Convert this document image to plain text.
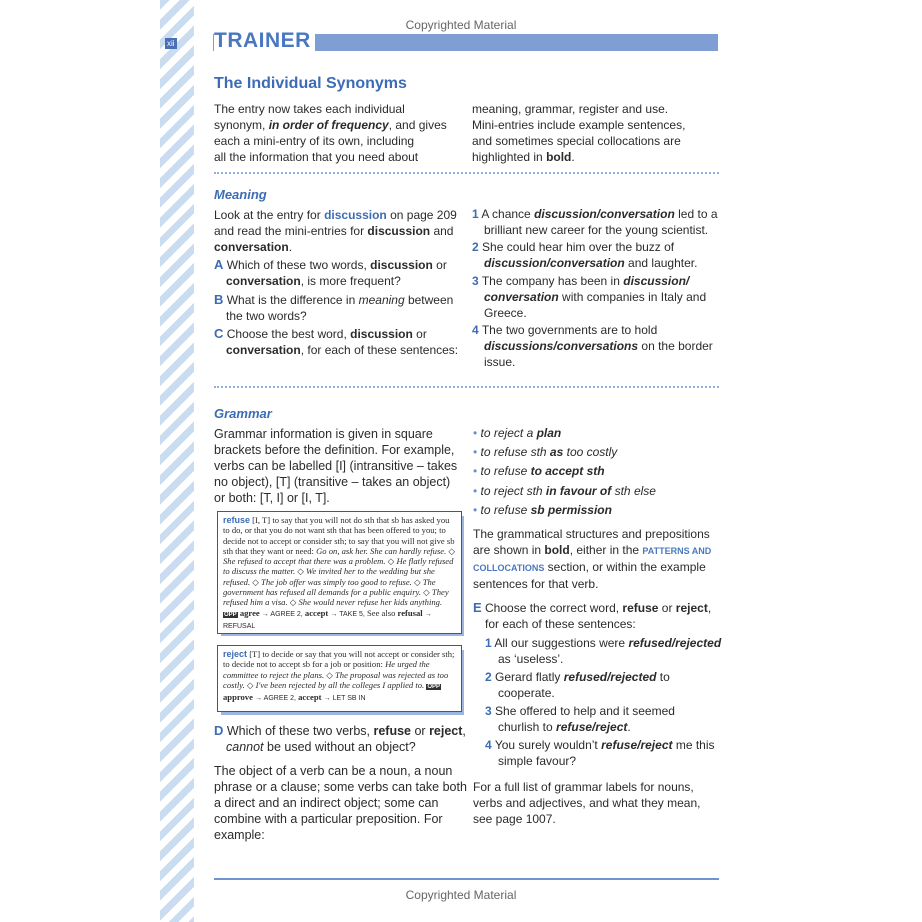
xii
Copyrighted Material
TRAINER
The Individual Synonyms
The entry now takes each individual
synonym, in order of frequency, and gives
each a mini-entry of its own, including
all the information that you need about
meaning, grammar, register and use.
Mini-entries include example sentences,
and sometimes special collocations are
highlighted in bold.
Meaning
Look at the entry for discussion on page 209
and read the mini-entries for discussion and
conversation.
A Which of these two words, discussion or
conversation, is more frequent?
B What is the difference in meaning between
the two words?
C Choose the best word, discussion or
conversation, for each of these sentences:
1 A chance discussion/conversation led to a
brilliant new career for the young scientist.
2 She could hear him over the buzz of
discussion/conversation and laughter.
3 The company has been in discussion/
conversation with companies in Italy and
Greece.
4 The two governments are to hold
discussions/conversations on the border
issue.
Grammar
Grammar information is given in square
brackets before the definition. For example,
verbs can be labelled [I] (intransitive – takes
no object), [T] (transitive – takes an object)
or both: [T, I] or [I, T].
refuse [I, T] to say that you will not do sth that sb has asked you to do, or that you do not want sth that has been offered to you; to decide not to accept or consider sth; to say that you will not give sb sth that they want or need: Go on, ask her. She can hardly refuse. ◇ She refused to accept that there was a problem. ◇ He flatly refused to discuss the matter. ◇ We invited her to the wedding but she refused. ◇ The job offer was simply too good to refuse. ◇ The government has refused all demands for a public enquiry. ◇ They refused him a visa. ◇ She would never refuse her kids anything. OPP agree → AGREE 2, accept → TAKE 5, See also refusal → REFUSAL
reject [T] to decide or say that you will not accept or consider sth; to decide not to accept sb for a job or position: He urged the committee to reject the plans. ◇ The proposal was rejected as too costly. ◇ I've been rejected by all the colleges I applied to. OPP approve → AGREE 2, accept → LET SB IN
D Which of these two verbs, refuse or reject,
cannot be used without an object?
The object of a verb can be a noun, a noun
phrase or a clause; some verbs can take both
a direct and an indirect object; some can
combine with a particular preposition. For
example:
• to reject a plan
• to refuse sth as too costly
• to refuse to accept sth
• to reject sth in favour of sth else
• to refuse sb permission
The grammatical structures and prepositions
are shown in bold, either in the PATTERNS AND
COLLOCATIONS section, or within the example
sentences for that verb.
E Choose the correct word, refuse or reject,
for each of these sentences:
1 All our suggestions were refused/rejected
as ‘useless’.
2 Gerard flatly refused/rejected to
cooperate.
3 She offered to help and it seemed
churlish to refuse/reject.
4 You surely wouldn’t refuse/reject me this
simple favour?
For a full list of grammar labels for nouns,
verbs and adjectives, and what they mean,
see page 1007.
Copyrighted Material
